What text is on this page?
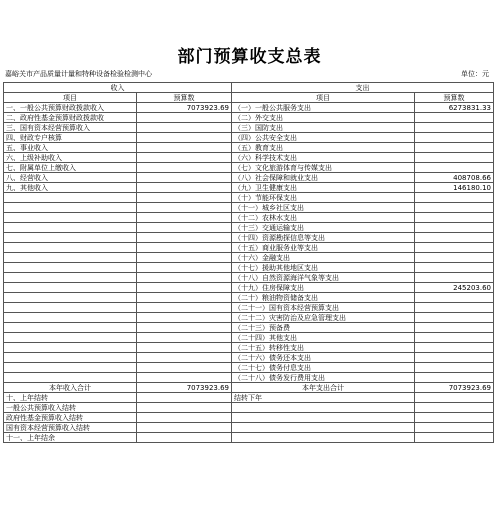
部门预算收支总表
嘉峪关市产品质量计量和特种设备检验检测中心	单位：元
收入		支出	
项目	预算数	项目	预算数
一、一般公共预算财政拨款收入	7073923.69	（一）一般公共服务支出	6273831.33
二、政府性基金预算财政拨款收		（二）外交支出	
三、国有资本经营预算收入		（三）国防支出	
四、财政专户核算		（四）公共安全支出	
五、事业收入		（五）教育支出	
六、上级补助收入		（六）科学技术支出	
七、附属单位上缴收入		（七）文化旅游体育与传媒支出	
八、经营收入		（八）社会保障和就业支出	408708.66
九、其他收入		（九）卫生健康支出	146180.10
		（十）节能环保支出	
		（十一）城乡社区支出	
		（十二）农林水支出	
		（十三）交通运输支出	
		（十四）资源勘探信息等支出	
		（十五）商业服务业等支出	
		（十六）金融支出	
		（十七）援助其他地区支出	
		（十八）自然资源海洋气象等支出	
		（十九）住房保障支出	245203.60
		（二十）粮油物资储备支出	
		（二十一）国有资本经营预算支出	
		（二十二）灾害防治及应急管理支出	
		（二十三）预备费	
		（二十四）其他支出	
		（二十五）转移性支出	
		（二十六）债务还本支出	
		（二十七）债务付息支出	
		（二十八）债务发行费用支出	
本年收入合计	7073923.69	本年支出合计	7073923.69
十、上年结转		结转下年	
一般公共预算收入结转			
政府性基金预算收入结转			
国有资本经营预算收入结转			
十一、上年结余			
